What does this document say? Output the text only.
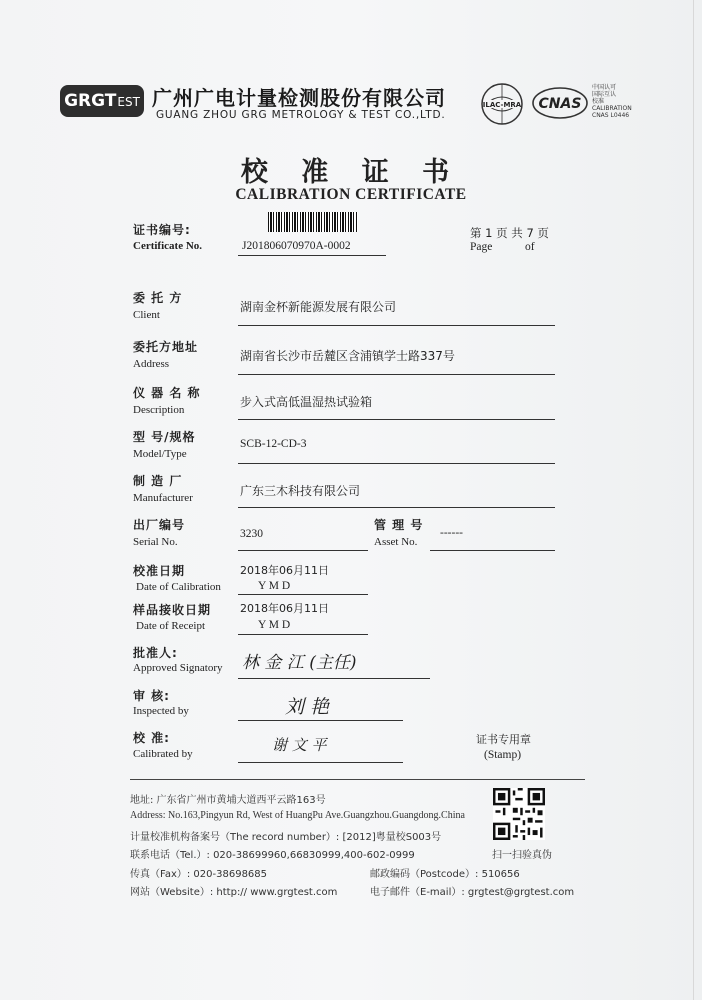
GRGT EST 广州广电计量检测股份有限公司
GUANG ZHOU GRG METROLOGY & TEST CO.,LTD.
ILAC-MRA CNAS
中国认可
国际互认
校准
CALIBRATION
CNAS L0446
校 准 证 书
CALIBRATION CERTIFICATE
证书编号:
Certificate No.	J201806070970A-0002
第 1 页 共 7 页
Page	of
委 托 方
Client
湖南金杯新能源发展有限公司
委托方地址
Address
湖南省长沙市岳麓区含浦镇学士路337号
仪 器 名 称
Description
步入式高低温湿热试验箱
型 号/规格
Model/Type
SCB-12-CD-3
制 造 厂
Manufacturer	广东三木科技有限公司
出厂编号
Serial No.
3230
管 理 号
Asset No.
------
校准日期
Date of Calibration
2018年06月11日
Y M D
样品接收日期
Date of Receipt
2018年06月11日
Y M D
批准人:
Approved Signatory 林 金 江 (主任)
审 核:
Inspected by	刘 艳
校 准:
Calibrated by	谢 文 平	证书专用章
(Stamp)
地址: 广东省广州市黄埔大道西平云路163号
Address: No.163,Pingyun Rd, West of HuangPu Ave.Guangzhou.Guangdong.China
计量校准机构备案号（The record number）: [2012]粤量校S003号
联系电话（Tel.）: 020-38699960,66830999,400-602-0999
传真（Fax）: 020-38698685	邮政编码（Postcode）: 510656
网站（Website）: http:// www.grgtest.com	电子邮件（E-mail）: grgtest@grgtest.com
扫一扫验真伪
